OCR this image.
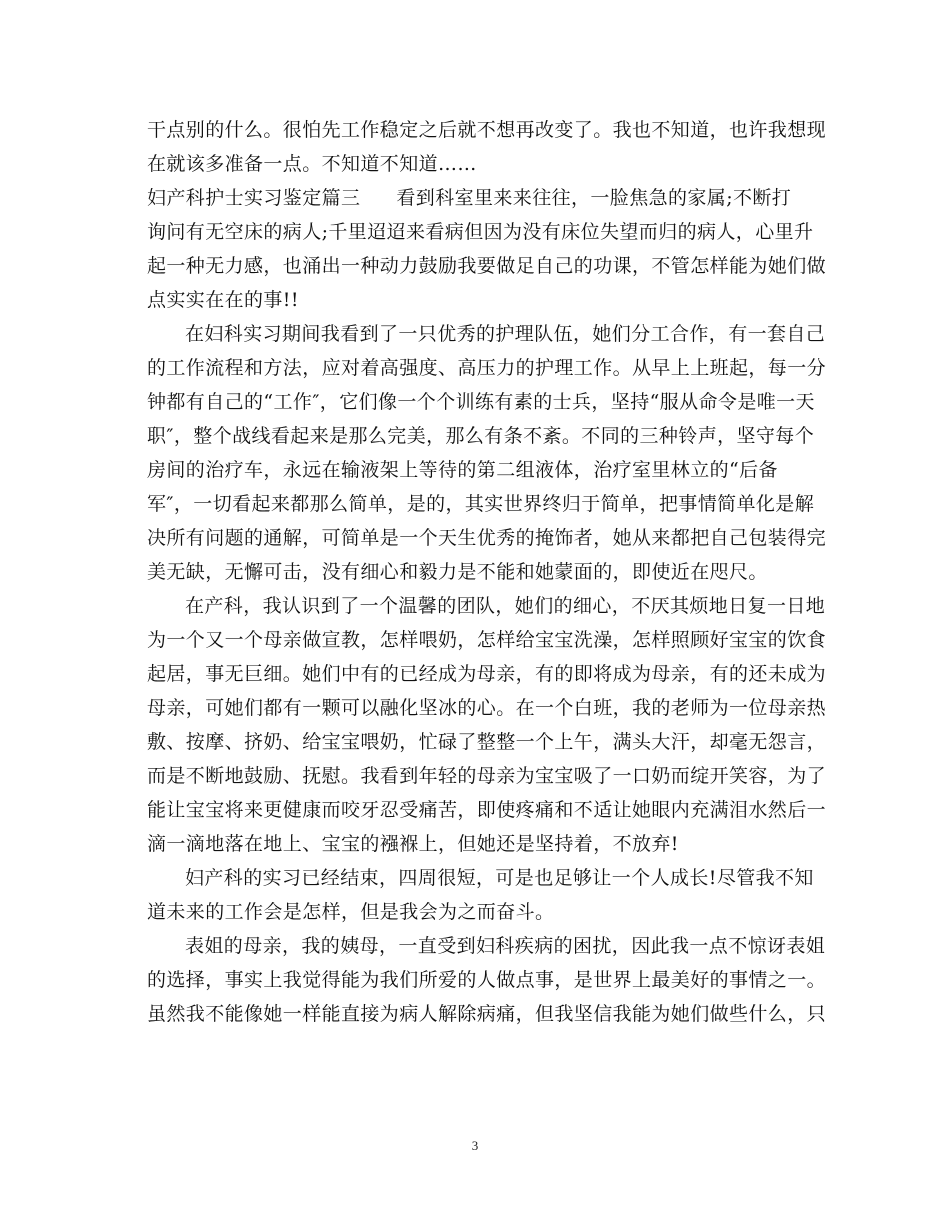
干点别的什么。很怕先工作稳定之后就不想再改变了。我也不知道，也许我想现
在就该多准备一点。不知道不知道……
妇产科护士实习鉴定篇三 看到科室里来来往往，一脸焦急的家属;不断打
询问有无空床的病人;千里迢迢来看病但因为没有床位失望而归的病人，心里升
起一种无力感，也涌出一种动力鼓励我要做足自己的功课，不管怎样能为她们做
点实实在在的事!!
在妇科实习期间我看到了一只优秀的护理队伍，她们分工合作，有一套自己
的工作流程和方法，应对着高强度、高压力的护理工作。从早上上班起，每一分
钟都有自己的“工作″，它们像一个个训练有素的士兵，坚持“服从命令是唯一天
职″，整个战线看起来是那么完美，那么有条不紊。不同的三种铃声，坚守每个
房间的治疗车，永远在输液架上等待的第二组液体，治疗室里林立的“后备
军″，一切看起来都那么简单，是的，其实世界终归于简单，把事情简单化是解
决所有问题的通解，可简单是一个天生优秀的掩饰者，她从来都把自己包装得完
美无缺，无懈可击，没有细心和毅力是不能和她蒙面的，即使近在咫尺。
在产科，我认识到了一个温馨的团队，她们的细心，不厌其烦地日复一日地
为一个又一个母亲做宣教，怎样喂奶，怎样给宝宝洗澡，怎样照顾好宝宝的饮食
起居，事无巨细。她们中有的已经成为母亲，有的即将成为母亲，有的还未成为
母亲，可她们都有一颗可以融化坚冰的心。在一个白班，我的老师为一位母亲热
敷、按摩、挤奶、给宝宝喂奶，忙碌了整整一个上午，满头大汗，却毫无怨言，
而是不断地鼓励、抚慰。我看到年轻的母亲为宝宝吸了一口奶而绽开笑容，为了
能让宝宝将来更健康而咬牙忍受痛苦，即使疼痛和不适让她眼内充满泪水然后一
滴一滴地落在地上、宝宝的襁褓上，但她还是坚持着，不放弃!
妇产科的实习已经结束，四周很短，可是也足够让一个人成长!尽管我不知
道未来的工作会是怎样，但是我会为之而奋斗。
表姐的母亲，我的姨母，一直受到妇科疾病的困扰，因此我一点不惊讶表姐
的选择，事实上我觉得能为我们所爱的人做点事，是世界上最美好的事情之一。
虽然我不能像她一样能直接为病人解除病痛，但我坚信我能为她们做些什么，只
3
